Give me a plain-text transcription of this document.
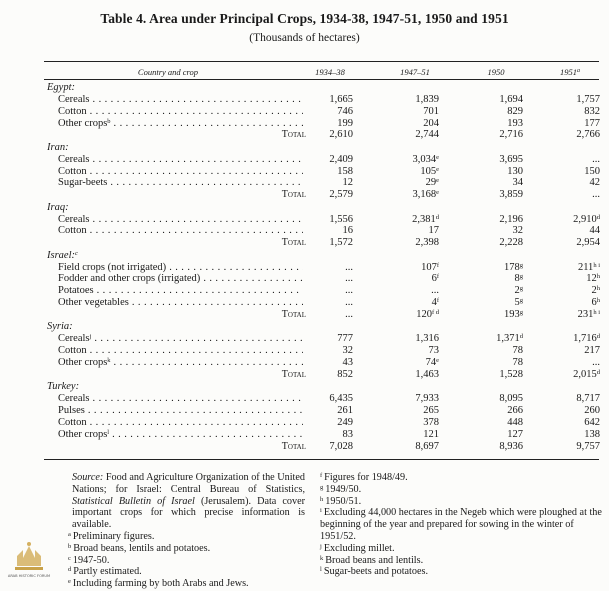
Table 4. Area under Principal Crops, 1934-38, 1947-51, 1950 and 1951
(Thousands of hectares)
Country and crop	1934–38	1947–51	1950	1951$^a$
Egypt:
Cereals . . .	1,665	1,839	1,694	1,757
Cotton . . .	746	701	829	832
Other crops$^b$ . . .	199	204	193	177
Total	2,610	2,744	2,716	2,766
Iran:
Cereals . . .	2,409	3,034e	3,695	...
Cotton . . .	158	105e	130	150
Sugar-beets . . .	12	29e	34	42
Total	2,579	3,168e	3,859	...
Iraq:
Cereals . . .	1,556	2,381$^d$	2,196	2,910$^d$
Cotton . . .	16	17	32	44
Total	1,572	2,398	2,228	2,954
Israel:$^c$
Field crops (not irrigated) . . .	...	107$^f$	178$^g$	$211^{h i}$
Fodder and other crops (irrigated) . . .	...	6$^f$	8$^g$	12$^h$
Potatoes . . .	...	...	2$^g$	2$^h$
Other vegetables . . .	...	4$^f$	5$^g$	6$^h$
Total	...	$120^{f d}$	193$^g$	$231^{h i}$
Syria:
Cereals$^j$ . . .	777	1,316	1,371$^d$	1,716$^d$
Cotton . . .	32	73	78	217
Other crops$^k$ . . .	43	74e	78	...
Total	852	1,463	1,528	2,015$^d$
Turkey:
Cereals . . .	6,435	7,933	8,095	8,717
Pulses . . .	261	265	266	260
Cotton . . .	249	378	448	642
Other crops$^l$ . . .	83	121	127	138
Total	7,028	8,697	8,936	9,757

Source: Food and Agriculture Organization of the United Nations; for Israel: Central Bureau of Statistics, Statistical Bulletin of Israel (Jerusalem). Data cover important crops for which precise information is available.

$^a$ Preliminary figures.

$^b$ Broad beans, lentils and potatoes.

$^c$ 1947-50.

$^d$ Partly estimated.

$^e$ Including farming by both Arabs and Jews.

$^f$ Figures for 1948/49.

$^g$ 1949/50.

$^h$ 1950/51.

$^i$ Excluding 44,000 hectares in the Negeb which were ploughed at the beginning of the year and prepared for sowing in the winter of 1951/52.

$^j$ Excluding millet.

$^k$ Broad beans and lentils.

$^l$ Sugar-beets and potatoes.

ARAB HISTORIC FORUM
